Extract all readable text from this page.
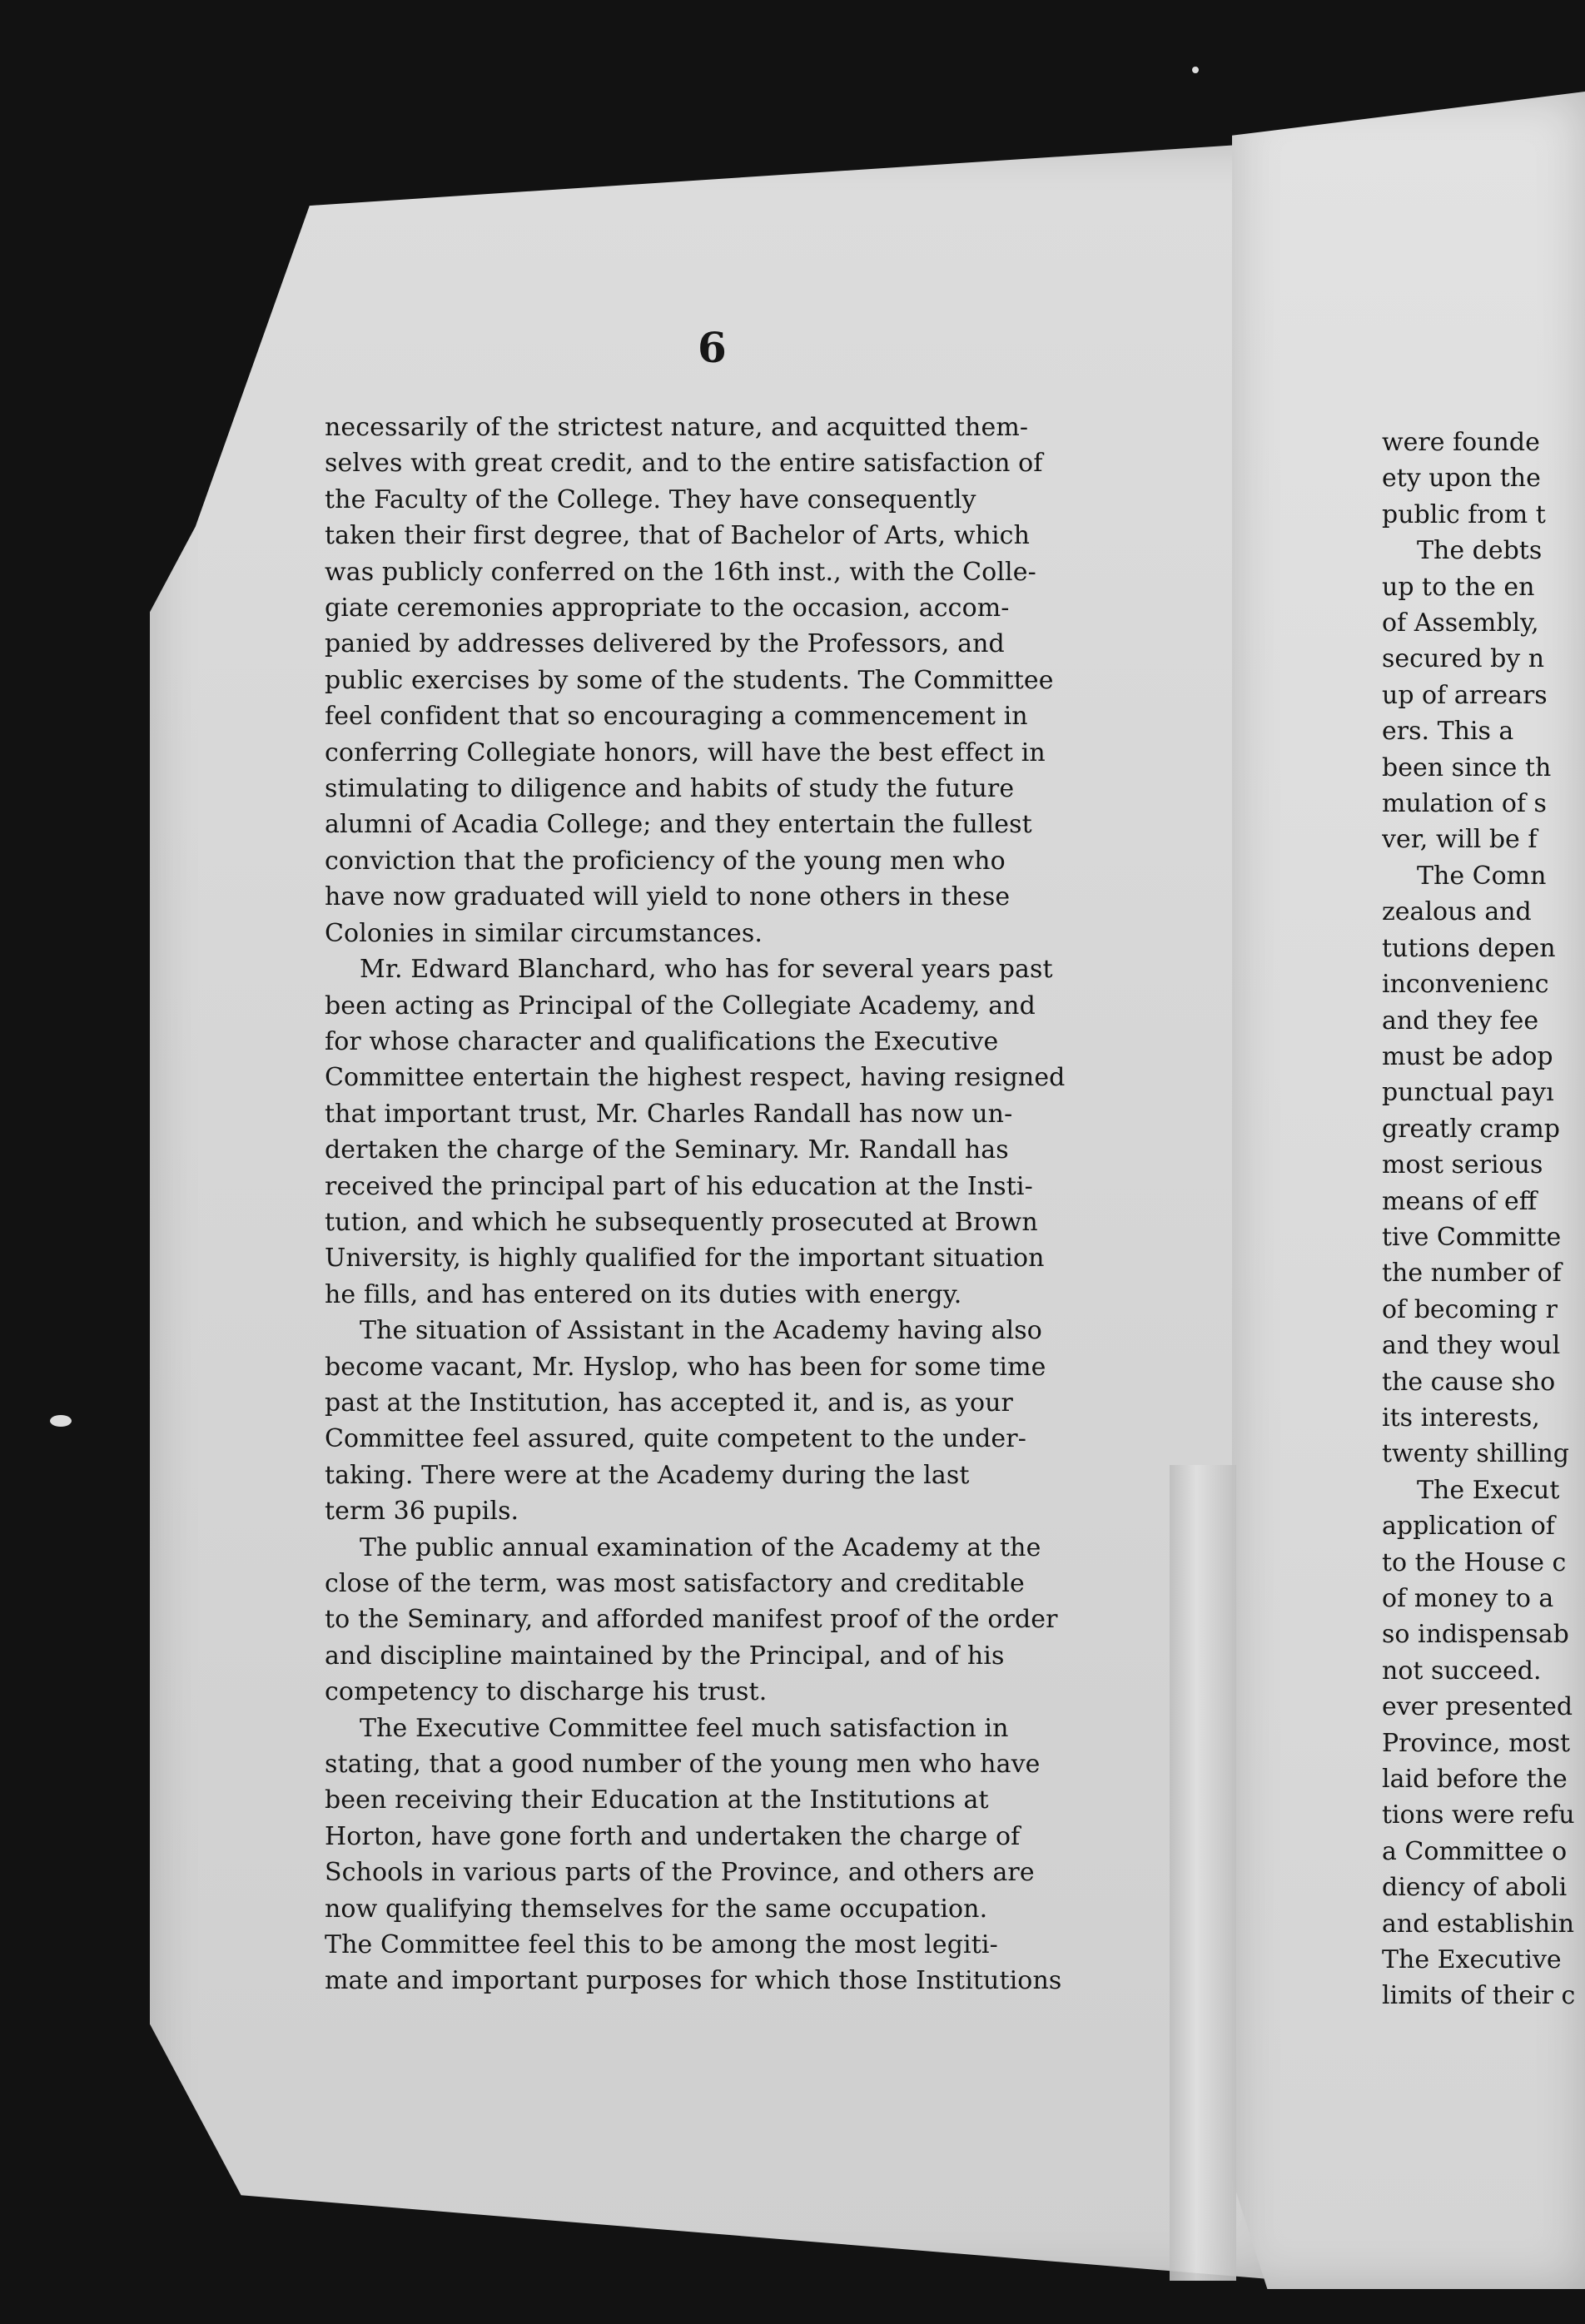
6
necessarily of the strictest nature, and acquitted them-
selves with great credit, and to the entire satisfaction of
the Faculty of the College. They have consequently
taken their first degree, that of Bachelor of Arts, which
was publicly conferred on the 16th inst., with the Colle-
giate ceremonies appropriate to the occasion, accom-
panied by addresses delivered by the Professors, and
public exercises by some of the students. The Committee
feel confident that so encouraging a commencement in
conferring Collegiate honors, will have the best effect in
stimulating to diligence and habits of study the future
alumni of Acadia College; and they entertain the fullest
conviction that the proficiency of the young men who
have now graduated will yield to none others in these
Colonies in similar circumstances.
Mr. Edward Blanchard, who has for several years past
been acting as Principal of the Collegiate Academy, and
for whose character and qualifications the Executive
Committee entertain the highest respect, having resigned
that important trust, Mr. Charles Randall has now un-
dertaken the charge of the Seminary. Mr. Randall has
received the principal part of his education at the Insti-
tution, and which he subsequently prosecuted at Brown
University, is highly qualified for the important situation
he fills, and has entered on its duties with energy.
The situation of Assistant in the Academy having also
become vacant, Mr. Hyslop, who has been for some time
past at the Institution, has accepted it, and is, as your
Committee feel assured, quite competent to the under-
taking. There were at the Academy during the last
term 36 pupils.
The public annual examination of the Academy at the
close of the term, was most satisfactory and creditable
to the Seminary, and afforded manifest proof of the order
and discipline maintained by the Principal, and of his
competency to discharge his trust.
The Executive Committee feel much satisfaction in
stating, that a good number of the young men who have
been receiving their Education at the Institutions at
Horton, have gone forth and undertaken the charge of
Schools in various parts of the Province, and others are
now qualifying themselves for the same occupation.
The Committee feel this to be among the most legiti-
mate and important purposes for which those Institutions
were founde
ety upon the
public from t
The debts
up to the en
of Assembly,
secured by n
up of arrears
ers. This a
been since th
mulation of s
ver, will be f
The Comn
zealous and
tutions depen
inconvenienc
and they fee
must be adop
punctual payı
greatly cramp
most serious
means of eff
tive Committe
the number of
of becoming r
and they woul
the cause sho
its interests,
twenty shilling
The Execut
application of
to the House c
of money to a
so indispensab
not succeed.
ever presented
Province, most
laid before the
tions were refu
a Committee o
diency of aboli
and establishin
The Executive
limits of their c
